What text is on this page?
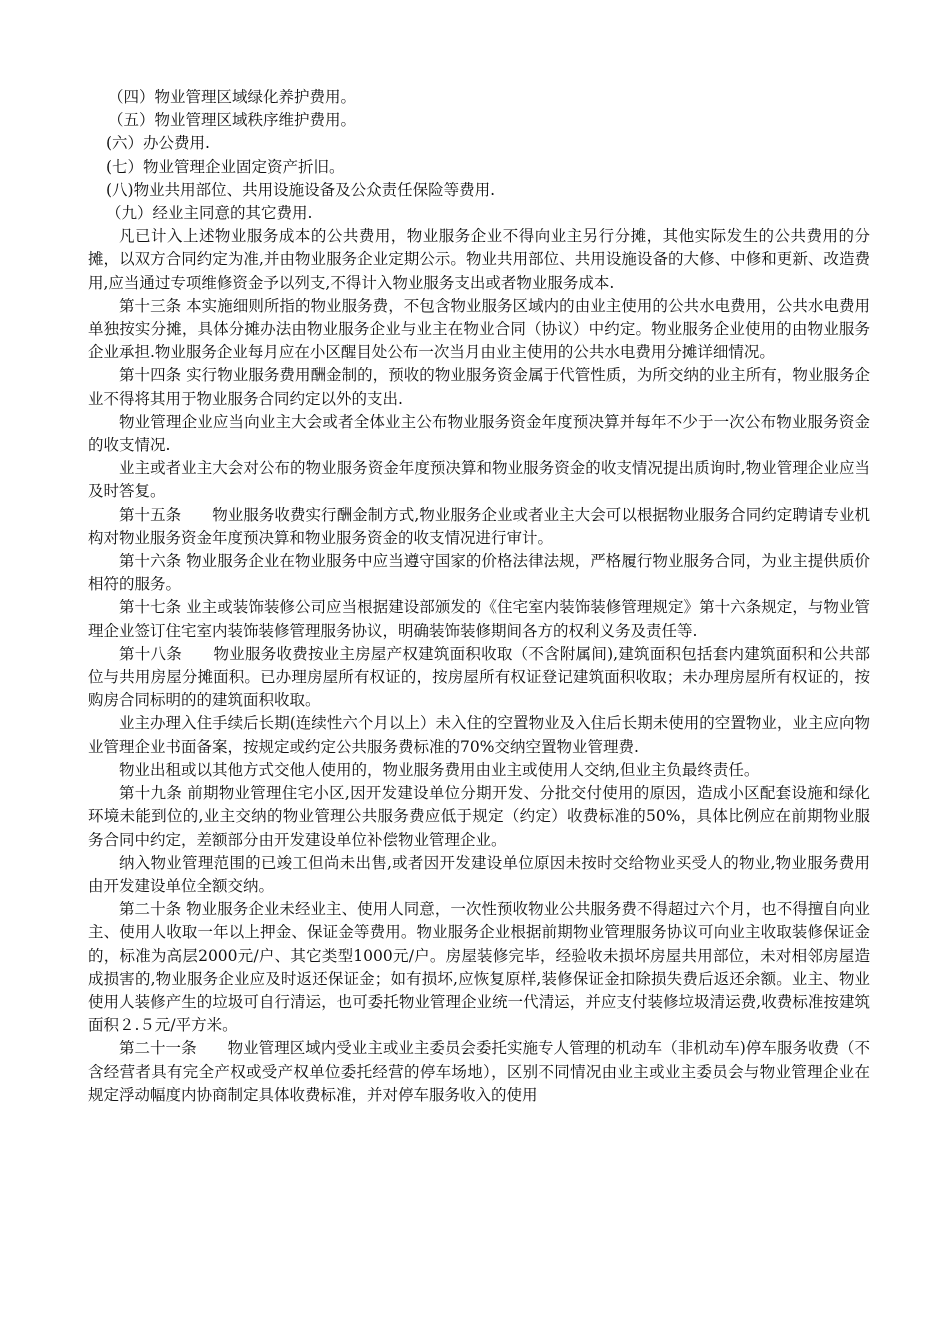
（四）物业管理区域绿化养护费用。
（五）物业管理区域秩序维护费用。
(六）办公费用.
(七）物业管理企业固定资产折旧。
(八)物业共用部位、共用设施设备及公众责任保险等费用.
（九）经业主同意的其它费用.

凡已计入上述物业服务成本的公共费用，物业服务企业不得向业主另行分摊，其他实际发生的公共费用的分摊，以双方合同约定为准,并由物业服务企业定期公示。物业共用部位、共用设施设备的大修、中修和更新、改造费用,应当通过专项维修资金予以列支,不得计入物业服务支出或者物业服务成本.

第十三条 本实施细则所指的物业服务费，不包含物业服务区域内的由业主使用的公共水电费用，公共水电费用单独按实分摊，具体分摊办法由物业服务企业与业主在物业合同（协议）中约定。物业服务企业使用的由物业服务企业承担.物业服务企业每月应在小区醒目处公布一次当月由业主使用的公共水电费用分摊详细情况。

第十四条 实行物业服务费用酬金制的，预收的物业服务资金属于代管性质，为所交纳的业主所有，物业服务企业不得将其用于物业服务合同约定以外的支出.

物业管理企业应当向业主大会或者全体业主公布物业服务资金年度预决算并每年不少于一次公布物业服务资金的收支情况.

业主或者业主大会对公布的物业服务资金年度预决算和物业服务资金的收支情况提出质询时,物业管理企业应当及时答复。

第十五条　　物业服务收费实行酬金制方式,物业服务企业或者业主大会可以根据物业服务合同约定聘请专业机构对物业服务资金年度预决算和物业服务资金的收支情况进行审计。

第十六条 物业服务企业在物业服务中应当遵守国家的价格法律法规，严格履行物业服务合同，为业主提供质价相符的服务。

第十七条 业主或装饰装修公司应当根据建设部颁发的《住宅室内装饰装修管理规定》第十六条规定，与物业管理企业签订住宅室内装饰装修管理服务协议，明确装饰装修期间各方的权利义务及责任等.

第十八条　　物业服务收费按业主房屋产权建筑面积收取（不含附属间),建筑面积包括套内建筑面积和公共部位与共用房屋分摊面积。已办理房屋所有权证的，按房屋所有权证登记建筑面积收取；未办理房屋所有权证的，按购房合同标明的的建筑面积收取。

业主办理入住手续后长期(连续性六个月以上）未入住的空置物业及入住后长期未使用的空置物业，业主应向物业管理企业书面备案，按规定或约定公共服务费标准的70%交纳空置物业管理费.

物业出租或以其他方式交他人使用的，物业服务费用由业主或使用人交纳,但业主负最终责任。

第十九条 前期物业管理住宅小区,因开发建设单位分期开发、分批交付使用的原因，造成小区配套设施和绿化环境未能到位的,业主交纳的物业管理公共服务费应低于规定（约定）收费标准的50%，具体比例应在前期物业服务合同中约定，差额部分由开发建设单位补偿物业管理企业。

纳入物业管理范围的已竣工但尚未出售,或者因开发建设单位原因未按时交给物业买受人的物业,物业服务费用由开发建设单位全额交纳。

第二十条 物业服务企业未经业主、使用人同意，一次性预收物业公共服务费不得超过六个月，也不得擅自向业主、使用人收取一年以上押金、保证金等费用。物业服务企业根据前期物业管理服务协议可向业主收取装修保证金的，标准为高层2000元/户、其它类型1000元/户。房屋装修完毕，经验收未损坏房屋共用部位，未对相邻房屋造成损害的,物业服务企业应及时返还保证金；如有损坏,应恢复原样,装修保证金扣除损失费后返还余额。业主、物业使用人装修产生的垃圾可自行清运，也可委托物业管理企业统一代清运，并应支付装修垃圾清运费,收费标准按建筑面积２.５元/平方米。

第二十一条　　物业管理区域内受业主或业主委员会委托实施专人管理的机动车（非机动车)停车服务收费（不含经营者具有完全产权或受产权单位委托经营的停车场地），区别不同情况由业主或业主委员会与物业管理企业在规定浮动幅度内协商制定具体收费标准，并对停车服务收入的使用
